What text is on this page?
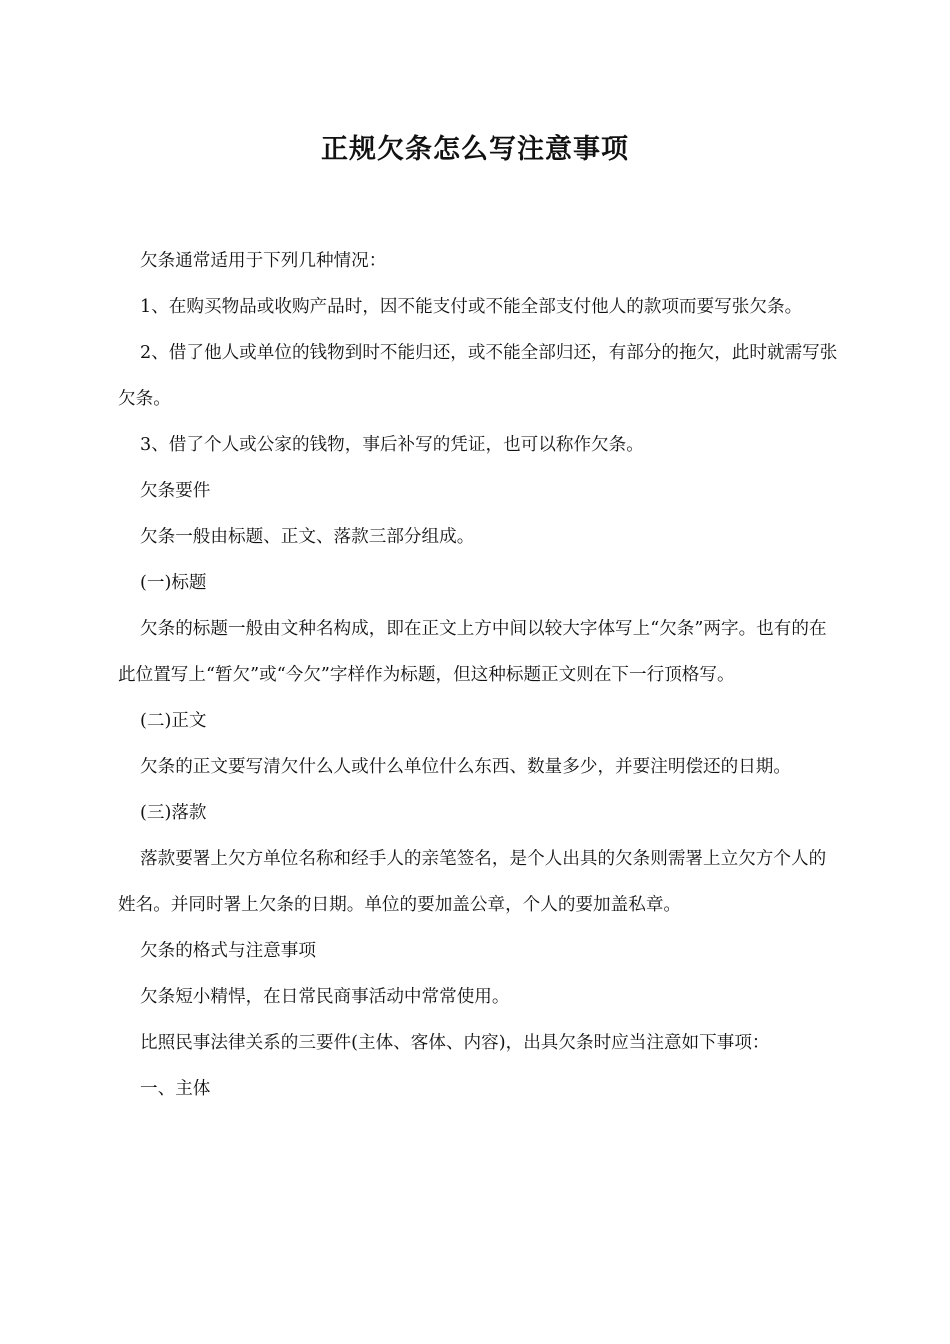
正规欠条怎么写注意事项

欠条通常适用于下列几种情况：

1、在购买物品或收购产品时，因不能支付或不能全部支付他人的款项而要写张欠条。

2、借了他人或单位的钱物到时不能归还，或不能全部归还，有部分的拖欠，此时就需写张欠条。

3、借了个人或公家的钱物，事后补写的凭证，也可以称作欠条。

欠条要件

欠条一般由标题、正文、落款三部分组成。

(一)标题

欠条的标题一般由文种名构成，即在正文上方中间以较大字体写上“欠条”两字。也有的在此位置写上“暂欠”或“今欠”字样作为标题，但这种标题正文则在下一行顶格写。

(二)正文

欠条的正文要写清欠什么人或什么单位什么东西、数量多少，并要注明偿还的日期。

(三)落款

落款要署上欠方单位名称和经手人的亲笔签名，是个人出具的欠条则需署上立欠方个人的姓名。并同时署上欠条的日期。单位的要加盖公章，个人的要加盖私章。

欠条的格式与注意事项

欠条短小精悍，在日常民商事活动中常常使用。

比照民事法律关系的三要件(主体、客体、内容)，出具欠条时应当注意如下事项：

一、主体
